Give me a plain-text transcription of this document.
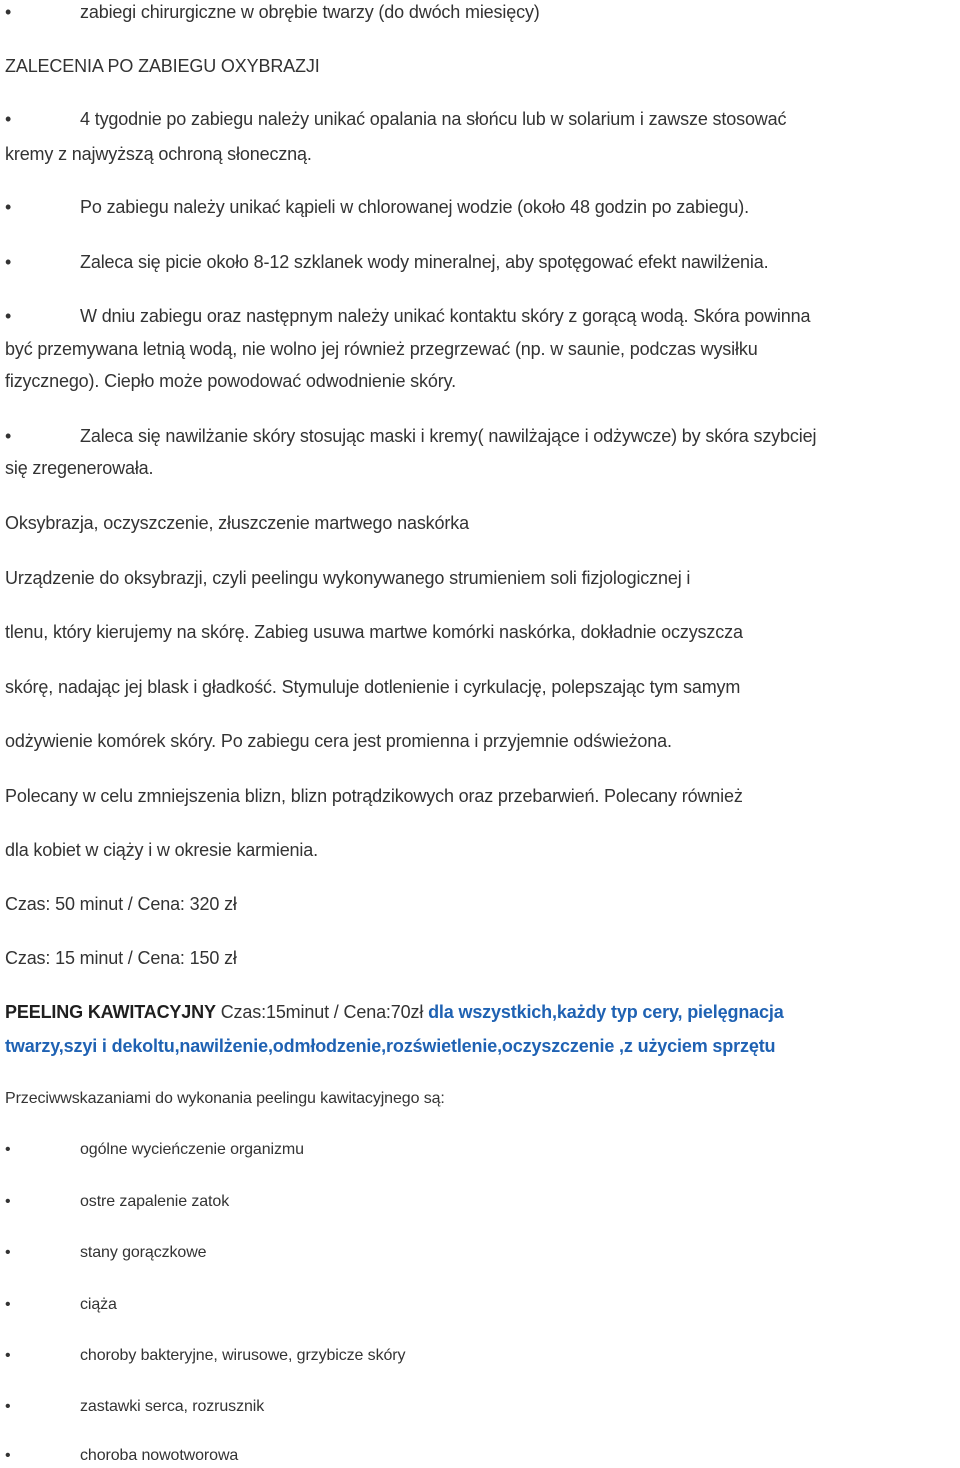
•	zabiegi chirurgiczne w obrębie twarzy (do dwóch miesięcy)
ZALECENIA PO ZABIEGU OXYBRAZJI
•	4 tygodnie po zabiegu należy unikać opalania na słońcu lub w solarium i zawsze stosować
kremy z najwyższą ochroną słoneczną.
•	Po zabiegu należy unikać kąpieli w chlorowanej wodzie (około 48 godzin po zabiegu).
•	Zaleca się picie około 8-12 szklanek wody mineralnej, aby spotęgować efekt nawilżenia.
•	W dniu zabiegu oraz następnym należy unikać kontaktu skóry z gorącą wodą. Skóra powinna
być przemywana letnią wodą, nie wolno jej również przegrzewać (np. w saunie, podczas wysiłku
fizycznego). Ciepło może powodować odwodnienie skóry.
•	Zaleca się nawilżanie skóry stosując maski i kremy( nawilżające i odżywcze) by skóra szybciej
się zregenerowała.
Oksybrazja, oczyszczenie, złuszczenie martwego naskórka
Urządzenie do oksybrazji, czyli peelingu wykonywanego strumieniem soli fizjologicznej i
tlenu, który kierujemy na skórę. Zabieg usuwa martwe komórki naskórka, dokładnie oczyszcza
skórę, nadając jej blask i gładkość. Stymuluje dotlenienie i cyrkulację, polepszając tym samym
odżywienie komórek skóry. Po zabiegu cera jest promienna i przyjemnie odświeżona.
Polecany w celu zmniejszenia blizn, blizn potrądzikowych oraz przebarwień. Polecany również
dla kobiet w ciąży i w okresie karmienia.
Czas: 50 minut / Cena: 320 zł
Czas: 15 minut / Cena: 150 zł
PEELING KAWITACYJNY Czas:15minut / Cena:70zł dla wszystkich,każdy typ cery, pielęgnacja
twarzy,szyi i dekoltu,nawilżenie,odmłodzenie,rozświetlenie,oczyszczenie ,z użyciem sprzętu
Przeciwwskazaniami do wykonania peelingu kawitacyjnego są:
•	ogólne wycieńczenie organizmu
•	ostre zapalenie zatok
•	stany gorączkowe
•	ciąża
•	choroby bakteryjne, wirusowe, grzybicze skóry
•	zastawki serca, rozrusznik
•	choroba nowotworowa
